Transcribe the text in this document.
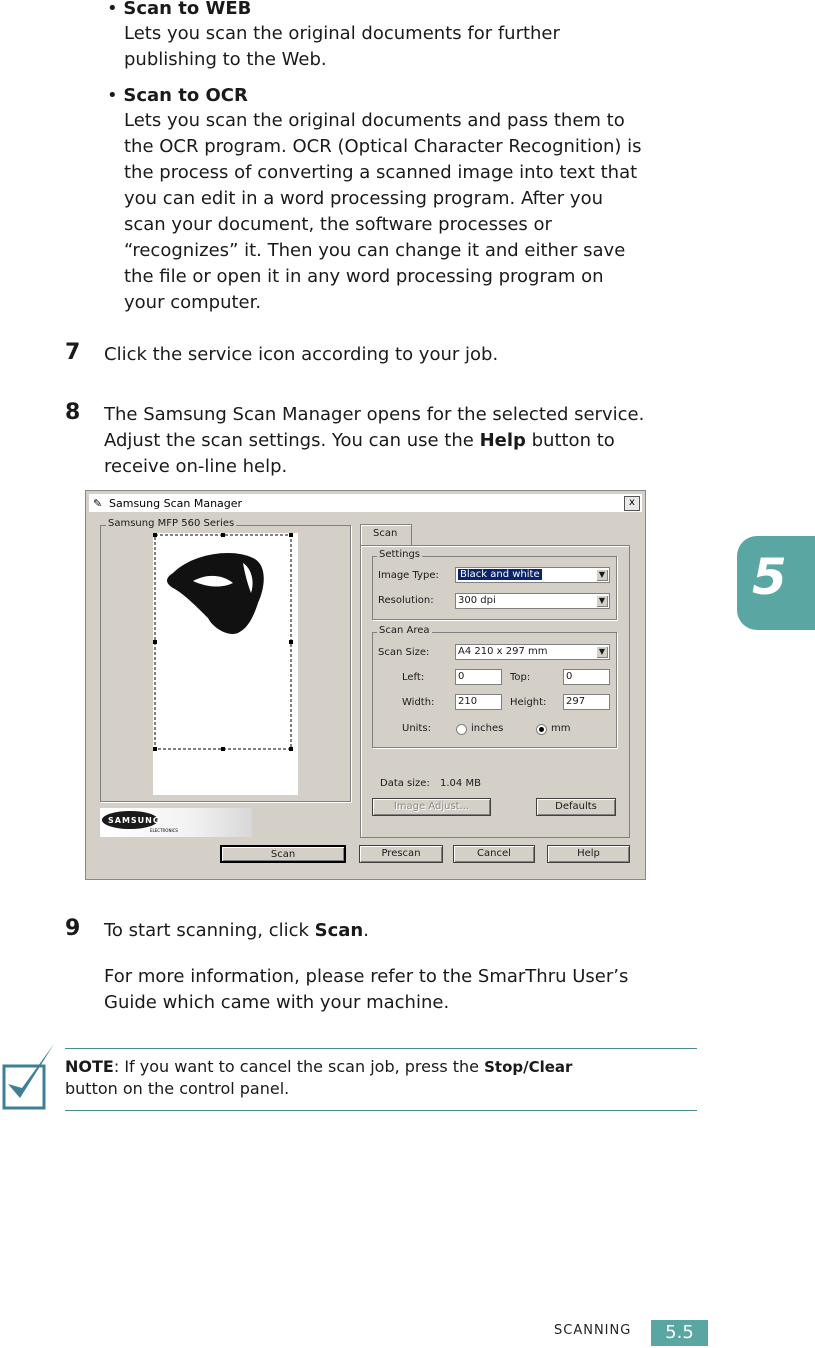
• Scan to WEB
Lets you scan the original documents for further
publishing to the Web.
• Scan to OCR
Lets you scan the original documents and pass them to
the OCR program. OCR (Optical Character Recognition) is
the process of converting a scanned image into text that
you can edit in a word processing program. After you
scan your document, the software processes or
“recognizes” it. Then you can change it and either save
the file or open it in any word processing program on
your computer.
7 Click the service icon according to your job.
8 The Samsung Scan Manager opens for the selected service.
Adjust the scan settings. You can use the Help button to
receive on-line help.
✎ Samsung Scan Manager	x
Samsung MFP 560 Series
SAMSUNG
ELECTRONICS
Scan
Settings
Image Type:	Black and white	▼
Resolution:	300 dpi	▼
Scan Area
Scan Size:	A4 210 x 297 mm	▼
Left:	0	Top:	0
Width:	210	Height:	297
Units:	inches	mm
Data size: 1.04 MB
Image Adjust...	Defaults
Scan	Prescan	Cancel	Help
9 To start scanning, click Scan.
For more information, please refer to the SmarThru User’s
Guide which came with your machine.
NOTE: If you want to cancel the scan job, press the Stop/Clear
button on the control panel.
5
SCANNING	5.5
